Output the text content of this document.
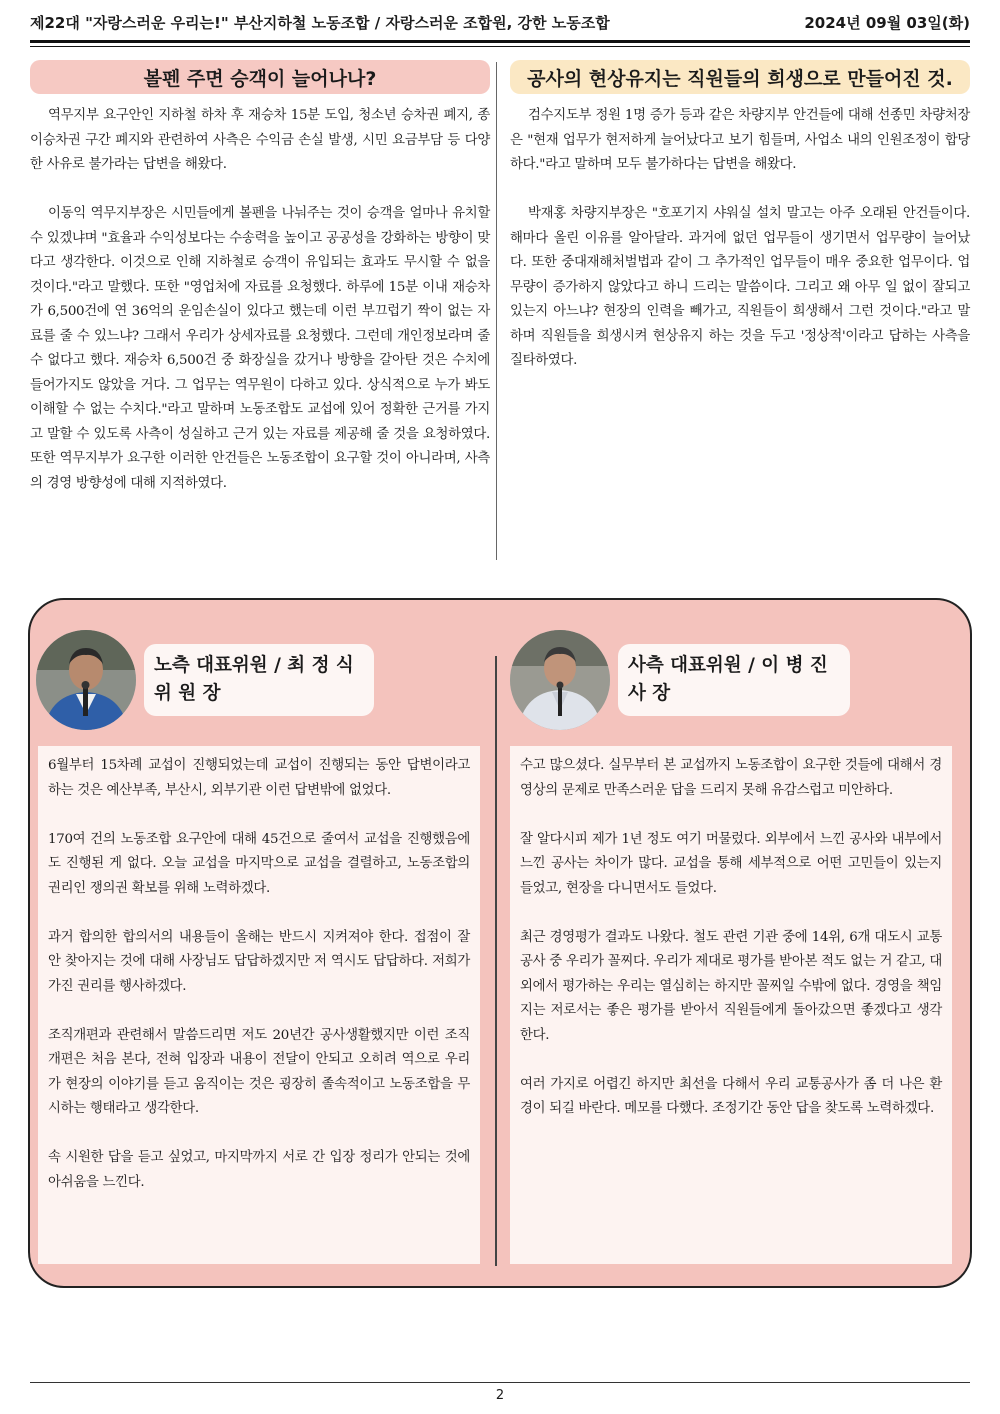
제22대 "자랑스러운 우리는!" 부산지하철 노동조합 / 자랑스러운 조합원, 강한 노동조합	2024년 09월 03일(화)
볼펜 주면 승객이 늘어나나?

역무지부 요구안인 지하철 하차 후 재승차 15분 도입, 청소년 승차권 폐지, 종이승차권 구간 폐지와 관련하여 사측은 수익금 손실 발생, 시민 요금부담 등 다양한 사유로 불가라는 답변을 해왔다.

이동익 역무지부장은 시민들에게 볼펜을 나눠주는 것이 승객을 얼마나 유치할 수 있겠냐며 "효율과 수익성보다는 수송력을 높이고 공공성을 강화하는 방향이 맞다고 생각한다. 이것으로 인해 지하철로 승객이 유입되는 효과도 무시할 수 없을 것이다."라고 말했다. 또한 "영업처에 자료를 요청했다. 하루에 15분 이내 재승차가 6,500건에 연 36억의 운임손실이 있다고 했는데 이런 부끄럽기 짝이 없는 자료를 줄 수 있느냐? 그래서 우리가 상세자료를 요청했다. 그런데 개인정보라며 줄 수 없다고 했다. 재승차 6,500건 중 화장실을 갔거나 방향을 갈아탄 것은 수치에 들어가지도 않았을 거다. 그 업무는 역무원이 다하고 있다. 상식적으로 누가 봐도 이해할 수 없는 수치다."라고 말하며 노동조합도 교섭에 있어 정확한 근거를 가지고 말할 수 있도록 사측이 성실하고 근거 있는 자료를 제공해 줄 것을 요청하였다. 또한 역무지부가 요구한 이러한 안건들은 노동조합이 요구할 것이 아니라며, 사측의 경영 방향성에 대해 지적하였다.

공사의 현상유지는 직원들의 희생으로 만들어진 것.

검수지도부 정원 1명 증가 등과 같은 차량지부 안건들에 대해 선종민 차량처장은 "현재 업무가 현저하게 늘어났다고 보기 힘들며, 사업소 내의 인원조정이 합당하다."라고 말하며 모두 불가하다는 답변을 해왔다.

박재홍 차량지부장은 "호포기지 샤워실 설치 말고는 아주 오래된 안건들이다. 해마다 올린 이유를 알아달라. 과거에 없던 업무들이 생기면서 업무량이 늘어났다. 또한 중대재해처벌법과 같이 그 추가적인 업무들이 매우 중요한 업무이다. 업무량이 증가하지 않았다고 하니 드리는 말씀이다. 그리고 왜 아무 일 없이 잘되고 있는지 아느냐? 현장의 인력을 빼가고, 직원들이 희생해서 그런 것이다."라고 말하며 직원들을 희생시켜 현상유지 하는 것을 두고 '정상적'이라고 답하는 사측을 질타하였다.

노측 대표위원 / 최 정 식
위 원 장
사측 대표위원 / 이 병 진
사 장

6월부터 15차례 교섭이 진행되었는데 교섭이 진행되는 동안 답변이라고 하는 것은 예산부족, 부산시, 외부기관 이런 답변밖에 없었다.

170여 건의 노동조합 요구안에 대해 45건으로 줄여서 교섭을 진행했음에도 진행된 게 없다. 오늘 교섭을 마지막으로 교섭을 결렬하고, 노동조합의 권리인 쟁의권 확보를 위해 노력하겠다.

과거 합의한 합의서의 내용들이 올해는 반드시 지켜져야 한다. 접점이 잘 안 찾아지는 것에 대해 사장님도 답답하겠지만 저 역시도 답답하다. 저희가 가진 권리를 행사하겠다.

조직개편과 관련해서 말씀드리면 저도 20년간 공사생활했지만 이런 조직개편은 처음 본다, 전혀 입장과 내용이 전달이 안되고 오히려 역으로 우리가 현장의 이야기를 듣고 움직이는 것은 굉장히 졸속적이고 노동조합을 무시하는 행태라고 생각한다.

속 시원한 답을 듣고 싶었고, 마지막까지 서로 간 입장 정리가 안되는 것에 아쉬움을 느낀다.

수고 많으셨다. 실무부터 본 교섭까지 노동조합이 요구한 것들에 대해서 경영상의 문제로 만족스러운 답을 드리지 못해 유감스럽고 미안하다.

잘 알다시피 제가 1년 정도 여기 머물렀다. 외부에서 느낀 공사와 내부에서 느낀 공사는 차이가 많다. 교섭을 통해 세부적으로 어떤 고민들이 있는지 들었고, 현장을 다니면서도 들었다.

최근 경영평가 결과도 나왔다. 철도 관련 기관 중에 14위, 6개 대도시 교통공사 중 우리가 꼴찌다. 우리가 제대로 평가를 받아본 적도 없는 거 같고, 대외에서 평가하는 우리는 열심히는 하지만 꼴찌일 수밖에 없다. 경영을 책임지는 저로서는 좋은 평가를 받아서 직원들에게 돌아갔으면 좋겠다고 생각한다.

여러 가지로 어렵긴 하지만 최선을 다해서 우리 교통공사가 좀 더 나은 환경이 되길 바란다. 메모를 다했다. 조정기간 동안 답을 찾도록 노력하겠다.

2
